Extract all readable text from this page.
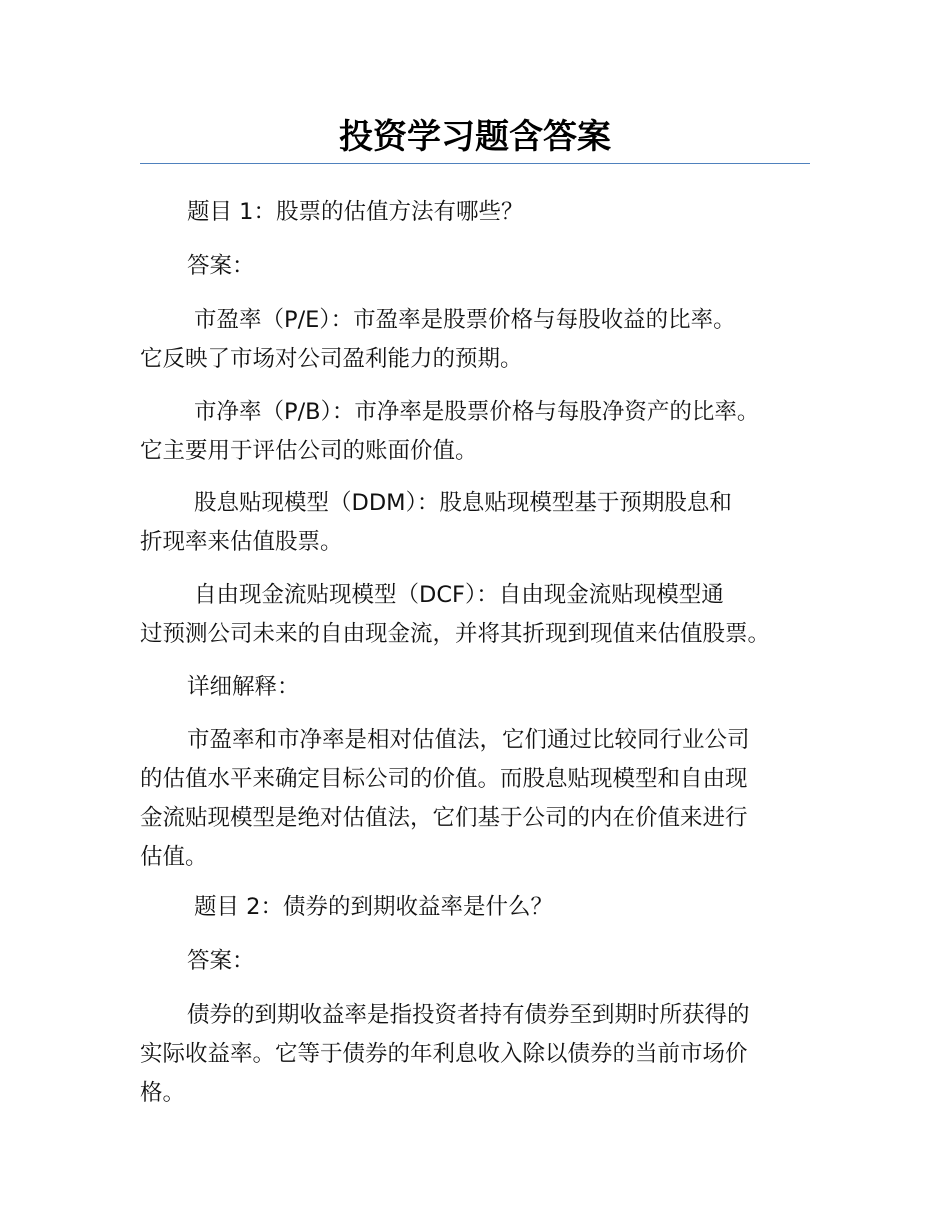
投资学习题含答案
题目 1：股票的估值方法有哪些？
答案：
市盈率（P/E）：市盈率是股票价格与每股收益的比率。
它反映了市场对公司盈利能力的预期。
市净率（P/B）：市净率是股票价格与每股净资产的比率。
它主要用于评估公司的账面价值。
股息贴现模型（DDM）：股息贴现模型基于预期股息和
折现率来估值股票。
自由现金流贴现模型（DCF）：自由现金流贴现模型通
过预测公司未来的自由现金流，并将其折现到现值来估值股票。
详细解释：
市盈率和市净率是相对估值法，它们通过比较同行业公司
的估值水平来确定目标公司的价值。而股息贴现模型和自由现
金流贴现模型是绝对估值法，它们基于公司的内在价值来进行
估值。
题目 2：债券的到期收益率是什么？
答案：
债券的到期收益率是指投资者持有债券至到期时所获得的
实际收益率。它等于债券的年利息收入除以债券的当前市场价
格。
